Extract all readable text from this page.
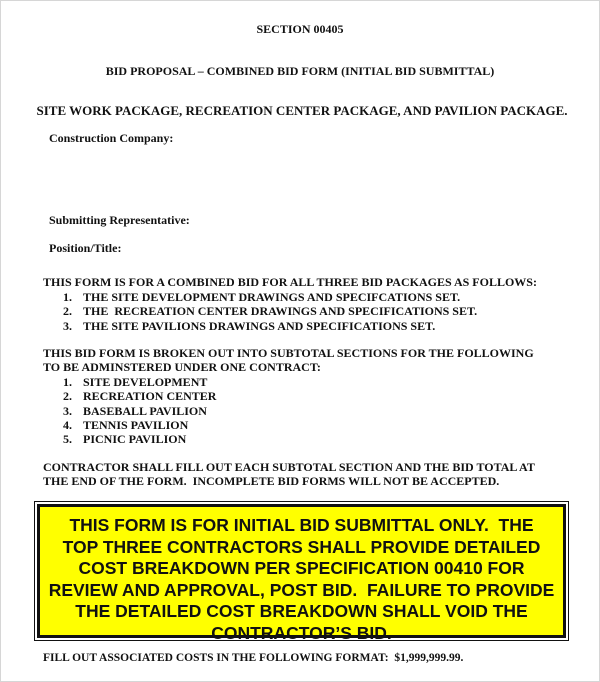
SECTION 00405
BID PROPOSAL – COMBINED BID FORM (INITIAL BID SUBMITTAL)
SITE WORK PACKAGE, RECREATION CENTER PACKAGE, AND PAVILION PACKAGE.
Construction Company:
Submitting Representative:
Position/Title:
THIS FORM IS FOR A COMBINED BID FOR ALL THREE BID PACKAGES AS FOLLOWS:
1. THE SITE DEVELOPMENT DRAWINGS AND SPECIFCATIONS SET.
2. THE  RECREATION CENTER DRAWINGS AND SPECIFICATIONS SET.
3. THE SITE PAVILIONS DRAWINGS AND SPECIFICATIONS SET.
THIS BID FORM IS BROKEN OUT INTO SUBTOTAL SECTIONS FOR THE FOLLOWING
TO BE ADMINSTERED UNDER ONE CONTRACT:
1. SITE DEVELOPMENT
2. RECREATION CENTER
3. BASEBALL PAVILION
4. TENNIS PAVILION
5. PICNIC PAVILION
CONTRACTOR SHALL FILL OUT EACH SUBTOTAL SECTION AND THE BID TOTAL AT
THE END OF THE FORM.  INCOMPLETE BID FORMS WILL NOT BE ACCEPTED.
THIS FORM IS FOR INITIAL BID SUBMITTAL ONLY.  THE
TOP THREE CONTRACTORS SHALL PROVIDE DETAILED
COST BREAKDOWN PER SPECIFICATION 00410 FOR
REVIEW AND APPROVAL, POST BID.  FAILURE TO PROVIDE
THE DETAILED COST BREAKDOWN SHALL VOID THE
CONTRACTOR’S BID.
FILL OUT ASSOCIATED COSTS IN THE FOLLOWING FORMAT:  $1,999,999.99.
